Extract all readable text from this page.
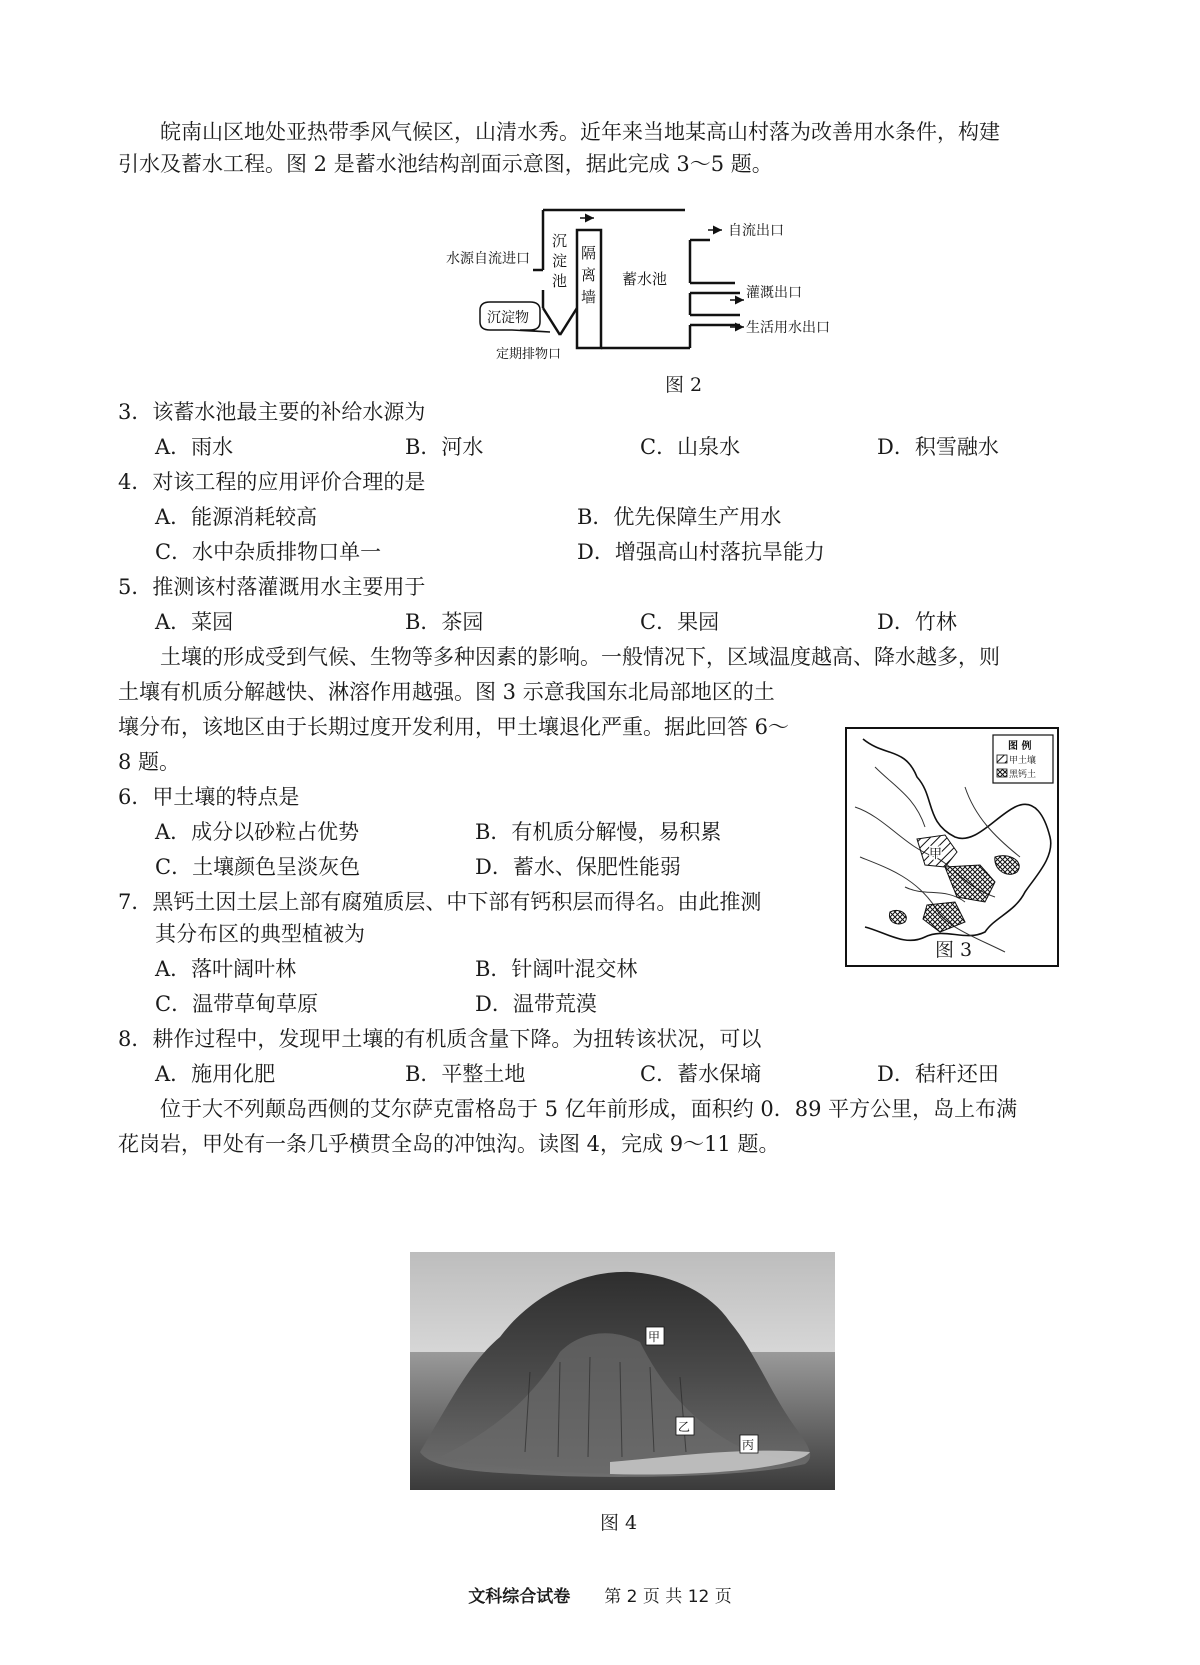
皖南山区地处亚热带季风气候区，山清水秀。近年来当地某高山村落为改善用水条件，构建
引水及蓄水工程。图 2 是蓄水池结构剖面示意图，据此完成 3～5 题。
水源自流进口
沉
淀
池
隔
离
墙
蓄水池
沉淀物
定期排物口
自流出口
灌溉出口
生活用水出口
图 2
3．该蓄水池最主要的补给水源为
A．雨水	B．河水	C．山泉水	D．积雪融水
4．对该工程的应用评价合理的是
A．能源消耗较高	B．优先保障生产用水
C．水中杂质排物口单一	D．增强高山村落抗旱能力
5．推测该村落灌溉用水主要用于
A．菜园	B．茶园	C．果园	D．竹林
土壤的形成受到气候、生物等多种因素的影响。一般情况下，区域温度越高、降水越多，则
土壤有机质分解越快、淋溶作用越强。图 3 示意我国东北局部地区的土
壤分布，该地区由于长期过度开发利用，甲土壤退化严重。据此回答 6～
8 题。
甲
图 例
甲土壤
黑钙土
图 3
6．甲土壤的特点是
A．成分以砂粒占优势	B．有机质分解慢，易积累
C．土壤颜色呈淡灰色	D．蓄水、保肥性能弱
7．黑钙土因土层上部有腐殖质层、中下部有钙积层而得名。由此推测
其分布区的典型植被为
A．落叶阔叶林	B．针阔叶混交林
C．温带草甸草原	D．温带荒漠
8．耕作过程中，发现甲土壤的有机质含量下降。为扭转该状况，可以
A．施用化肥	B．平整土地	C．蓄水保墒	D．秸秆还田
位于大不列颠岛西侧的艾尔萨克雷格岛于 5 亿年前形成，面积约 0．89 平方公里，岛上布满
花岗岩，甲处有一条几乎横贯全岛的冲蚀沟。读图 4，完成 9～11 题。
甲
乙
丙
图 4
文科综合试卷 第 2 页 共 12 页
